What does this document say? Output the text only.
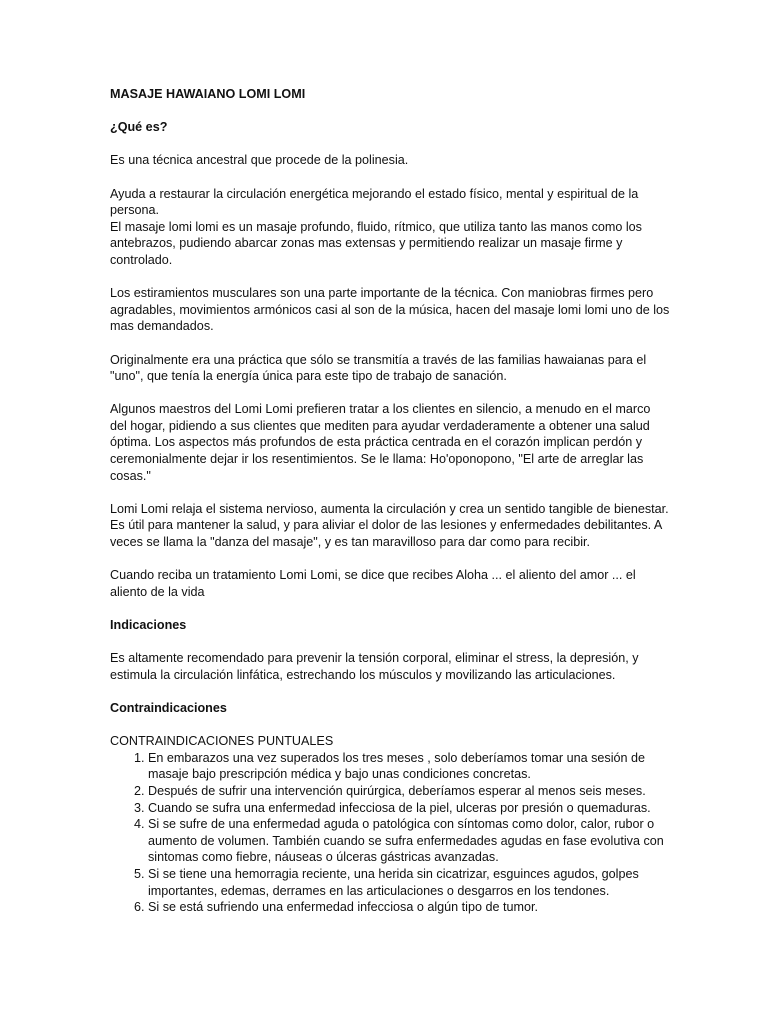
MASAJE HAWAIANO LOMI LOMI

¿Qué es?

Es una técnica ancestral que procede de la polinesia.

Ayuda a restaurar la circulación energética mejorando el estado físico, mental y espiritual de la persona.

El masaje lomi lomi es un masaje profundo, fluido, rítmico, que utiliza tanto las manos como los antebrazos, pudiendo abarcar zonas mas extensas y permitiendo realizar un masaje firme y controlado.

Los estiramientos musculares son una parte importante de la técnica. Con maniobras firmes pero agradables, movimientos armónicos casi al son de la música, hacen del masaje lomi lomi uno de los mas demandados.

Originalmente era una práctica que sólo se transmitía a través de las familias hawaianas para el "uno", que tenía la energía única para este tipo de trabajo de sanación.

Algunos maestros del Lomi Lomi prefieren tratar a los clientes en silencio, a menudo en el marco del hogar, pidiendo a sus clientes que mediten para ayudar verdaderamente a obtener una salud óptima. Los aspectos más profundos de esta práctica centrada en el corazón implican perdón y ceremonialmente dejar ir los resentimientos. Se le llama: Ho'oponopono, "El arte de arreglar las cosas."

Lomi Lomi relaja el sistema nervioso, aumenta la circulación y crea un sentido tangible de bienestar. Es útil para mantener la salud, y para aliviar el dolor de las lesiones y enfermedades debilitantes. A veces se llama la "danza del masaje", y es tan maravilloso para dar como para recibir.

Cuando reciba un tratamiento Lomi Lomi, se dice que recibes Aloha ... el aliento del amor ... el aliento de la vida

Indicaciones

Es altamente recomendado para prevenir la tensión corporal, eliminar el stress, la depresión, y estimula la circulación linfática, estrechando los músculos y movilizando las articulaciones.

Contraindicaciones

CONTRAINDICACIONES PUNTUALES

1. En embarazos una vez superados los tres meses , solo deberíamos tomar una sesión de masaje bajo prescripción médica y bajo unas condiciones concretas.
2. Después de sufrir una intervención quirúrgica, deberíamos esperar al menos seis meses.
3. Cuando se sufra una enfermedad infecciosa de la piel, ulceras por presión o quemaduras.
4. Si se sufre de una enfermedad aguda o patológica con síntomas como dolor, calor, rubor o aumento de volumen. También cuando se sufra enfermedades agudas en fase evolutiva con sintomas como fiebre, náuseas o úlceras gástricas avanzadas.
5. Si se tiene una hemorragia reciente, una herida sin cicatrizar, esguinces agudos, golpes importantes, edemas, derrames en las articulaciones o desgarros en los tendones.
6. Si se está sufriendo una enfermedad infecciosa o algún tipo de tumor.
